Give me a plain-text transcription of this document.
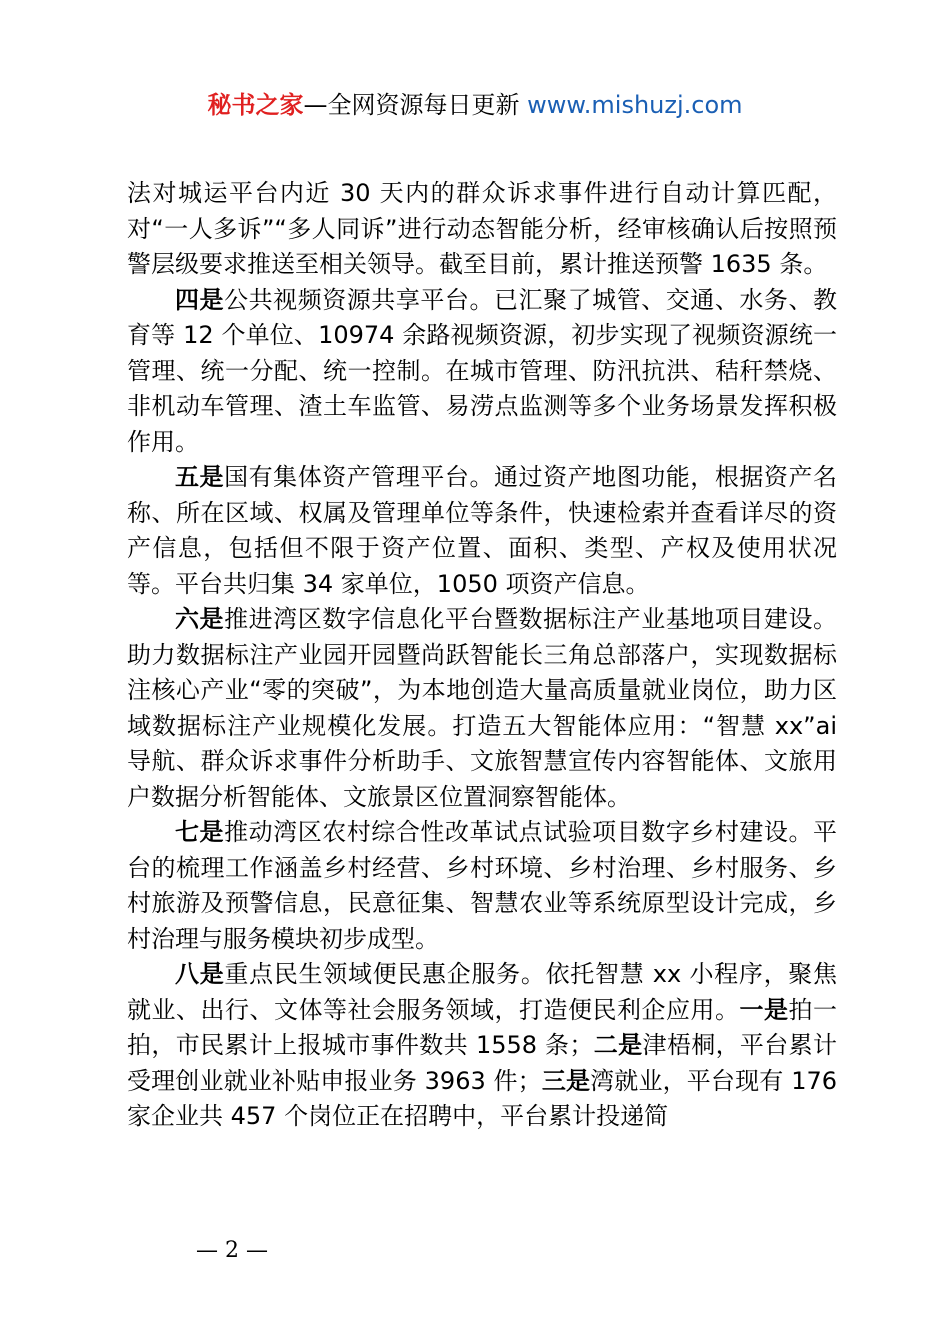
秘书之家—全网资源每日更新 www.mishuzj.com

法对城运平台内近 30 天内的群众诉求事件进行自动计算匹配，对“一人多诉”“多人同诉”进行动态智能分析，经审核确认后按照预警层级要求推送至相关领导。截至目前，累计推送预警 1635 条。

四是公共视频资源共享平台。已汇聚了城管、交通、水务、教育等 12 个单位、10974 余路视频资源，初步实现了视频资源统一管理、统一分配、统一控制。在城市管理、防汛抗洪、秸秆禁烧、非机动车管理、渣土车监管、易涝点监测等多个业务场景发挥积极作用。

五是国有集体资产管理平台。通过资产地图功能，根据资产名称、所在区域、权属及管理单位等条件，快速检索并查看详尽的资产信息，包括但不限于资产位置、面积、类型、产权及使用状况等。平台共归集 34 家单位，1050 项资产信息。

六是推进湾区数字信息化平台暨数据标注产业基地项目建设。助力数据标注产业园开园暨尚跃智能长三角总部落户，实现数据标注核心产业“零的突破”，为本地创造大量高质量就业岗位，助力区域数据标注产业规模化发展。打造五大智能体应用：“智慧 xx”ai 导航、群众诉求事件分析助手、文旅智慧宣传内容智能体、文旅用户数据分析智能体、文旅景区位置洞察智能体。

七是推动湾区农村综合性改革试点试验项目数字乡村建设。平台的梳理工作涵盖乡村经营、乡村环境、乡村治理、乡村服务、乡村旅游及预警信息，民意征集、智慧农业等系统原型设计完成，乡村治理与服务模块初步成型。

八是重点民生领域便民惠企服务。依托智慧 xx 小程序，聚焦就业、出行、文体等社会服务领域，打造便民利企应用。一是拍一拍，市民累计上报城市事件数共 1558 条；二是津梧桐，平台累计受理创业就业补贴申报业务 3963 件；三是湾就业，平台现有 176 家企业共 457 个岗位正在招聘中，平台累计投递简

— 2 —
